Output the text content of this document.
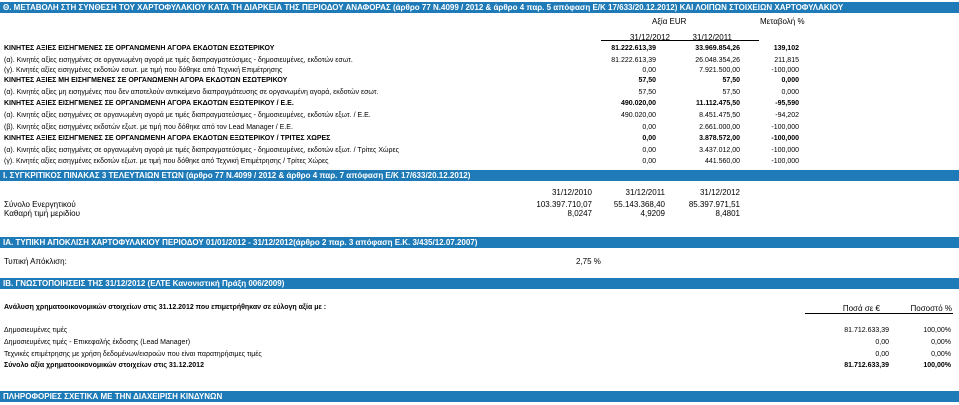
Θ. ΜΕΤΑΒΟΛΗ ΣΤΗ ΣΥΝΘΕΣΗ ΤΟΥ ΧΑΡΤΟΦΥΛΑΚΙΟΥ ΚΑΤΑ ΤΗ ΔΙΑΡΚΕΙΑ ΤΗΣ ΠΕΡΙΟΔΟΥ ΑΝΑΦΟΡΑΣ (άρθρο 77 Ν.4099 / 2012 & άρθρο 4 παρ. 5 απόφαση Ε/Κ 17/633/20.12.2012) ΚΑΙ ΛΟΙΠΩΝ ΣΤΟΙΧΕΙΩΝ ΧΑΡΤΟΦΥΛΑΚΙΟΥ
Αξία EUR	Μεταβολή %
31/12/2012	31/12/2011
ΚΙΝΗΤΕΣ ΑΞΙΕΣ ΕΙΣΗΓΜΕΝΕΣ ΣΕ ΟΡΓΑΝΩΜΕΝΗ ΑΓΟΡΑ ΕΚΔΟΤΩΝ ΕΣΩΤΕΡΙΚΟΥ	81.222.613,39	33.969.854,26	139,102
(α). Κινητές αξίες εισηγμένες σε οργανωμένη αγορά με τιμές διαπραγματεύσιμες - δημοσιευμένες, εκδοτών εσωτ.	81.222.613,39	26.048.354,26	211,815
(γ). Κινητές αξίες εισηγμένες εκδοτών εσωτ. με τιμή που δόθηκε από Τεχνική Επιμέτρησης	0,00	7.921.500,00	-100,000
ΚΙΝΗΤΕΣ ΑΞΙΕΣ ΜΗ ΕΙΣΗΓΜΕΝΕΣ ΣΕ ΟΡΓΑΝΩΜΕΝΗ ΑΓΟΡΑ ΕΚΔΟΤΩΝ ΕΣΩΤΕΡΙΚΟΥ	57,50	57,50	0,000
(α). Κινητές αξίες μη εισηγμένες που δεν αποτελούν αντικείμενο διαπραγμάτευσης σε οργανωμένη αγορά, εκδοτών εσωτ.	57,50	57,50	0,000
ΚΙΝΗΤΕΣ ΑΞΙΕΣ ΕΙΣΗΓΜΕΝΕΣ ΣΕ ΟΡΓΑΝΩΜΕΝΗ ΑΓΟΡΑ ΕΚΔΟΤΩΝ ΕΞΩΤΕΡΙΚΟΥ / Ε.Ε.	490.020,00	11.112.475,50	-95,590
(α). Κινητές αξίες εισηγμένες σε οργανωμένη αγορά με τιμές διαπραγματεύσιμες - δημοσιευμένες, εκδοτών εξωτ. / Ε.Ε.	490.020,00	8.451.475,50	-94,202
(β). Κινητές αξίες εισηγμένες εκδοτών εξωτ. με τιμή που δόθηκε από τον Lead Manager / Ε.Ε.	0,00	2.661.000,00	-100,000
ΚΙΝΗΤΕΣ ΑΞΙΕΣ ΕΙΣΗΓΜΕΝΕΣ ΣΕ ΟΡΓΑΝΩΜΕΝΗ ΑΓΟΡΑ ΕΚΔΟΤΩΝ ΕΞΩΤΕΡΙΚΟΥ / ΤΡΙΤΕΣ ΧΩΡΕΣ	0,00	3.878.572,00	-100,000
(α). Κινητές αξίες εισηγμένες σε οργανωμένη αγορά με τιμές διαπραγματεύσιμες - δημοσιευμένες, εκδοτών εξωτ. / Τρίτες Χώρες	0,00	3.437.012,00	-100,000
(γ). Κινητές αξίες εισηγμένες εκδοτών εξωτ. με τιμή που δόθηκε από Τεχνική Επιμέτρησης / Τρίτες Χώρες	0,00	441.560,00	-100,000
Ι. ΣΥΓΚΡΙΤΙΚΟΣ ΠΙΝΑΚΑΣ 3 ΤΕΛΕΥΤΑΙΩΝ ΕΤΩΝ (άρθρο 77 Ν.4099 / 2012 & άρθρο 4 παρ. 7 απόφαση Ε/Κ 17/633/20.12.2012)
31/12/2010	31/12/2011	31/12/2012
Σύνολο Ενεργητικού	103.397.710,07	55.143.368,40	85.397.971,51
Καθαρή τιμή μεριδίου	8,0247	4,9209	8,4801
ΙΑ. ΤΥΠΙΚΗ ΑΠΟΚΛΙΣΗ ΧΑΡΤΟΦΥΛΑΚΙΟΥ ΠΕΡΙΟΔΟΥ 01/01/2012 - 31/12/2012(άρθρο 2 παρ. 3 απόφαση Ε.Κ. 3/435/12.07.2007)
Τυπική Απόκλιση:	2,75 %
ΙΒ. ΓΝΩΣΤΟΠΟΙΗΣΕΙΣ ΤΗΣ 31/12/2012 (ΕΛΤΕ Κανονιστική Πράξη 006/2009)
Ανάλυση χρηματοοικονομικών στοιχείων στις 31.12.2012 που επιμετρήθηκαν σε εύλογη αξία με :	Ποσά σε €	Ποσοστό %
Δημοσιευμένες τιμές	81.712.633,39	100,00%
Δημοσιευμένες τιμές - Επικεφαλής έκδοσης (Lead Manager)	0,00	0,00%
Τεχνικές επιμέτρησης με χρήση δεδομένων/εισροών που είναι παρατηρήσιμες τιμές	0,00	0,00%
Σύνολο αξία χρηματοοικονομικών στοιχείων στις 31.12.2012	81.712.633,39	100,00%
ΠΛΗΡΟΦΟΡΙΕΣ ΣΧΕΤΙΚΑ ΜΕ ΤΗΝ ΔΙΑΧΕΙΡΙΣΗ ΚΙΝΔΥΝΩΝ
